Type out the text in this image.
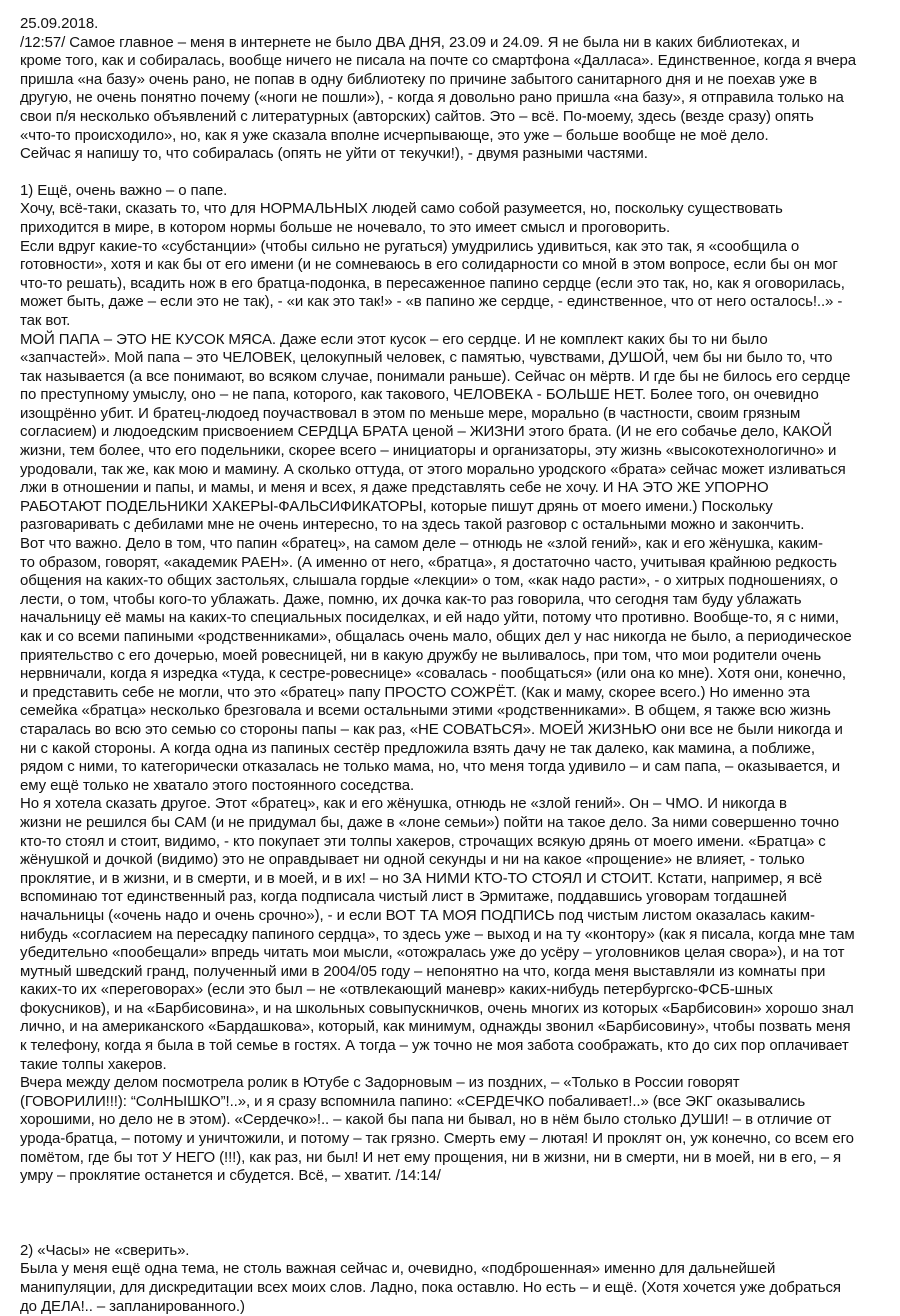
25.09.2018.
/12:57/ Самое главное – меня в интернете не было ДВА ДНЯ, 23.09 и 24.09. Я не была ни в каких библиотеках, и
кроме того, как и собиралась, вообще ничего не писала на почте со смартфона «Далласа». Единственное, когда я вчера
пришла «на базу» очень рано, не попав в одну библиотеку по причине забытого санитарного дня и не поехав уже в
другую, не очень понятно почему («ноги не пошли»), - когда я довольно рано пришла «на базу», я отправила только на
свои п/я несколько объявлений с литературных (авторских) сайтов. Это – всё. По-моему, здесь (везде сразу) опять
«что-то происходило», но, как я уже сказала вполне исчерпывающе, это уже – больше вообще не моё дело.
Сейчас я напишу то, что собиралась (опять не уйти от текучки!), - двумя разными частями.
1) Ещё, очень важно – о папе.
Хочу, всё-таки, сказать то, что для НОРМАЛЬНЫХ людей само собой разумеется, но, поскольку существовать
приходится в мире, в котором нормы больше не ночевало, то это имеет смысл и проговорить.
Если вдруг какие-то «субстанции» (чтобы сильно не ругаться) умудрились удивиться, как это так, я «сообщила о
готовности», хотя и как бы от его имени (и не сомневаюсь в его солидарности со мной в этом вопросе, если бы он мог
что-то решать), всадить нож в его братца-подонка, в пересаженное папино сердце (если это так, но, как я оговорилась,
может быть, даже – если это не так), - «и как это так!» - «в папино же сердце, - единственное, что от него осталось!..» -
так вот.
МОЙ ПАПА – ЭТО НЕ КУСОК МЯСА. Даже если этот кусок – его сердце. И не комплект каких бы то ни было
«запчастей». Мой папа – это ЧЕЛОВЕК, целокупный человек, с памятью, чувствами, ДУШОЙ, чем бы ни было то, что
так называется (а все понимают, во всяком случае, понимали раньше). Сейчас он мёртв. И где бы не билось его сердце
по преступному умыслу, оно – не папа, которого, как такового, ЧЕЛОВЕКА - БОЛЬШЕ НЕТ. Более того, он очевидно
изощрённо убит. И братец-людоед поучаствовал в этом по меньше мере, морально (в частности, своим грязным
согласием) и людоедским присвоением СЕРДЦА БРАТА ценой – ЖИЗНИ этого брата. (И не его собачье дело, КАКОЙ
жизни, тем более, что его подельники, скорее всего – инициаторы и организаторы, эту жизнь «высокотехнологично» и
уродовали, так же, как мою и мамину. А сколько оттуда, от этого морально уродского «брата» сейчас может изливаться
лжи в отношении и папы, и мамы, и меня и всех, я даже представлять себе не хочу. И НА ЭТО ЖЕ УПОРНО
РАБОТАЮТ ПОДЕЛЬНИКИ ХАКЕРЫ-ФАЛЬСИФИКАТОРЫ, которые пишут дрянь от моего имени.) Поскольку
разговаривать с дебилами мне не очень интересно, то на здесь такой разговор с остальными можно и закончить.
Вот что важно. Дело в том, что папин «братец», на самом деле – отнюдь не «злой гений», как и его жёнушка, каким-
то образом, говорят, «академик РАЕН». (А именно от него, «братца», я достаточно часто, учитывая крайнюю редкость
общения на каких-то общих застольях, слышала гордые «лекции» о том, «как надо расти», - о хитрых подношениях, о
лести, о том, чтобы кого-то ублажать. Даже, помню, их дочка как-то раз говорила, что сегодня там буду ублажать
начальницу её мамы на каких-то специальных посиделках, и ей надо уйти, потому что противно. Вообще-то, я с ними,
как и со всеми папиными «родственниками», общалась очень мало, общих дел у нас никогда не было, а периодическое
приятельство с его дочерью, моей ровесницей, ни в какую дружбу не выливалось, при том, что мои родители очень
нервничали, когда я изредка «туда, к сестре-ровеснице» «совалась - пообщаться» (или она ко мне). Хотя они, конечно,
и представить себе не могли, что это «братец» папу ПРОСТО СОЖРЁТ. (Как и маму, скорее всего.) Но именно эта
семейка «братца» несколько брезговала и всеми остальными этими «родственниками». В общем, я также всю жизнь
старалась во всю это семью со стороны папы – как раз, «НЕ СОВАТЬСЯ». МОЕЙ ЖИЗНЬЮ они все не были никогда и
ни с какой стороны. А когда одна из папиных сестёр предложила взять дачу не так далеко, как мамина, а поближе,
рядом с ними, то категорически отказалась не только мама, но, что меня тогда удивило – и сам папа, – оказывается, и
ему ещё только не хватало этого постоянного соседства.
Но я хотела сказать другое. Этот «братец», как и его жёнушка, отнюдь не «злой гений». Он – ЧМО. И никогда в
жизни не решился бы САМ (и не придумал бы, даже в «лоне семьи») пойти на такое дело. За ними совершенно точно
кто-то стоял и стоит, видимо, - кто покупает эти толпы хакеров, строчащих всякую дрянь от моего имени. «Братца» с
жёнушкой и дочкой (видимо) это не оправдывает ни одной секунды и ни на какое «прощение» не влияет, - только
проклятие, и в жизни, и в смерти, и в моей, и в их! – но ЗА НИМИ КТО-ТО СТОЯЛ И СТОИТ. Кстати, например, я всё
вспоминаю тот единственный раз, когда подписала чистый лист в Эрмитаже, поддавшись уговорам тогдашней
начальницы («очень надо и очень срочно»), - и если ВОТ ТА МОЯ ПОДПИСЬ под чистым листом оказалась каким-
нибудь «согласием на пересадку папиного сердца», то здесь уже – выход и на ту «контору» (как я писала, когда мне там
убедительно «пообещали» впредь читать мои мысли, «отожралась уже до усёру – уголовников целая свора»), и на тот
мутный шведский гранд, полученный ими в 2004/05 году – непонятно на что, когда меня выставляли из комнаты при
каких-то их «переговорах» (если это был – не «отвлекающий маневр» каких-нибудь петербургско-ФСБ-шных
фокусников), и на «Барбисовина», и на школьных совыпускничков, очень многих из которых «Барбисовин» хорошо знал
лично, и на американского «Бардашкова», который, как минимум, однажды звонил «Барбисовину», чтобы позвать меня
к телефону, когда я была в той семье в гостях. А тогда – уж точно не моя забота соображать, кто до сих пор оплачивает
такие толпы хакеров.
Вчера между делом посмотрела ролик в Ютубе с Задорновым – из поздних, – «Только в России говорят
(ГОВОРИЛИ!!!): “СолНЫШКО”!..», и я сразу вспомнила папино: «СЕРДЕЧКО побаливает!..» (все ЭКГ оказывались
хорошими, но дело не в этом). «Сердечко»!.. – какой бы папа ни бывал, но в нём было столько ДУШИ! – в отличие от
урода-братца, – потому и уничтожили, и потому – так грязно. Смерть ему – лютая! И проклят он, уж конечно, со всем его
помётом, где бы тот У НЕГО (!!!), как раз, ни был! И нет ему прощения, ни в жизни, ни в смерти, ни в моей, ни в его, – я
умру – проклятие останется и сбудется. Всё, – хватит. /14:14/
2) «Часы» не «сверить».
Была у меня ещё одна тема, не столь важная сейчас и, очевидно, «подброшенная» именно для дальнейшей
манипуляции, для дискредитации всех моих слов. Ладно, пока оставлю. Но есть – и ещё. (Хотя хочется уже добраться
до ДЕЛА!.. – запланированного.)
